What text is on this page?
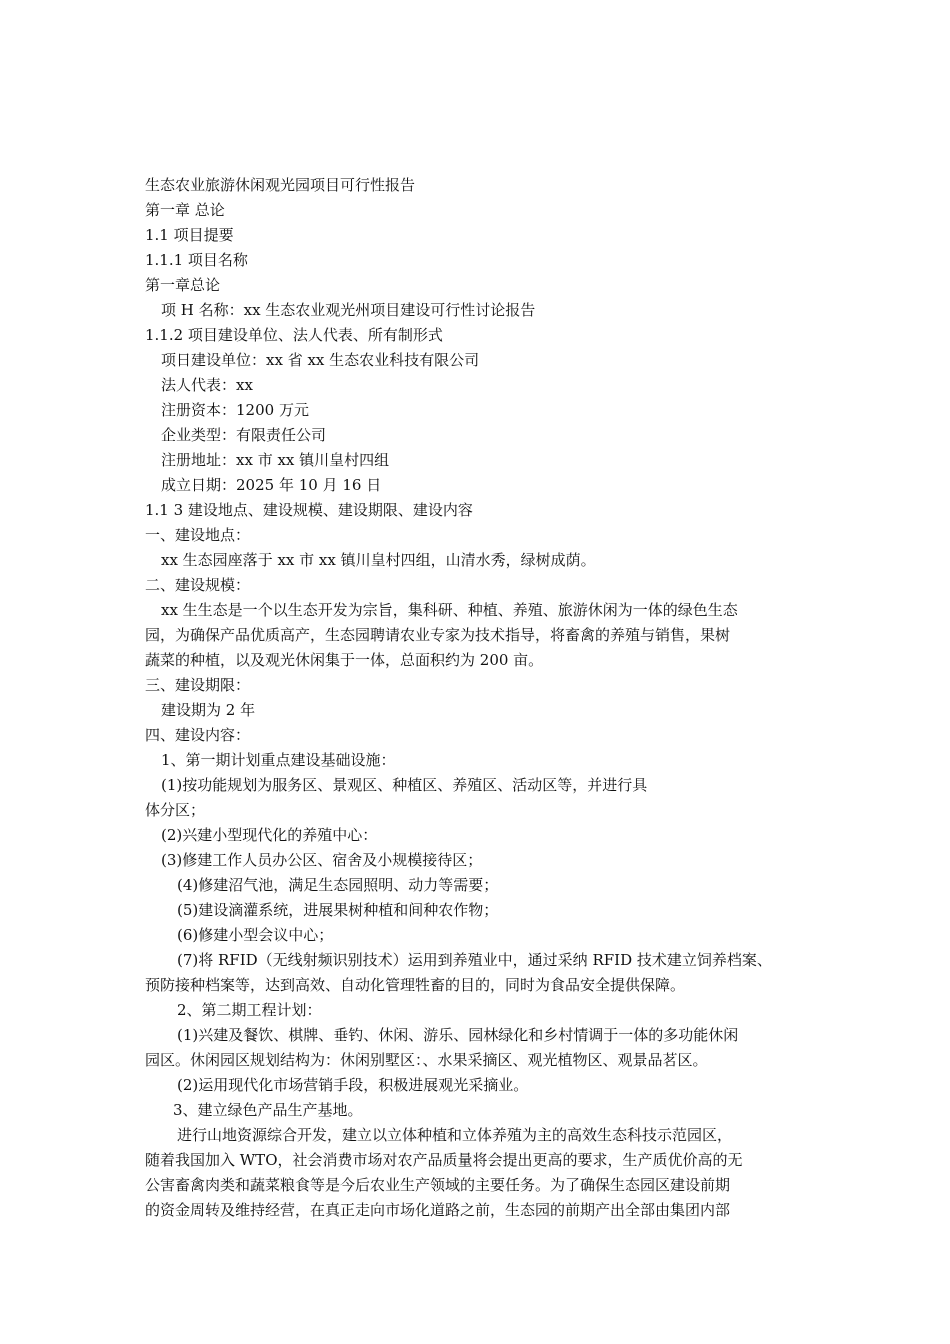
生态农业旅游休闲观光园项目可行性报告
第一章 总论
1.1 项目提要
1.1.1 项目名称
第一章总论
项 H 名称：xx 生态农业观光州项目建设可行性讨论报告
1.1.2 项目建设单位、法人代表、所有制形式
项日建设单位：xx 省 xx 生态农业科技有限公司
法人代表：xx
注册资本：1200 万元
企业类型：有限责任公司
注册地址：xx 市 xx 镇川皇村四组
成立日期：2025 年 10 月 16 日
1.1 3 建设地点、建设规模、建设期限、建设内容
一、建设地点：
xx 生态园座落于 xx 市 xx 镇川皇村四组，山清水秀，绿树成荫。
二、建设规模：
xx 生生态是一个以生态开发为宗旨，集科研、种植、养殖、旅游休闲为一体的绿色生态
园，为确保产品优质高产，生态园聘请农业专家为技术指导，将畜禽的养殖与销售，果树
蔬菜的种植，以及观光休闲集于一体，总面积约为 200 亩。
三、建设期限：
建设期为 2 年
四、建设内容：
1、第一期计划重点建设基础设施：
(1)按功能规划为服务区、景观区、种植区、养殖区、活动区等，并进行具
体分区；
(2)兴建小型现代化的养殖中心：
(3)修建工作人员办公区、宿舍及小规模接待区；
(4)修建沼气池，满足生态园照明、动力等需要；
(5)建设滴灌系统，进展果树种植和间种农作物；
(6)修建小型会议中心；
(7)将 RFID（无线射频识别技术）运用到养殖业中，通过采纳 RFID 技术建立饲养档案、
预防接种档案等，达到高效、自动化管理牲畜的目的，同时为食品安全提供保障。
2、第二期工程计划：
(1)兴建及餐饮、棋牌、垂钓、休闲、游乐、园林绿化和乡村情调于一体的多功能休闲
园区。休闲园区规划结构为：休闲别墅区：、水果采摘区、观光植物区、观景品茗区。
(2)运用现代化市场营销手段，积极进展观光采摘业。
3、建立绿色产品生产基地。
进行山地资源综合开发，建立以立体种植和立体养殖为主的高效生态科技示范园区，
随着我国加入 WTO，社会消费市场对农产品质量将会提出更高的要求，生产质优价高的无
公害畜禽肉类和蔬菜粮食等是今后农业生产领域的主要任务。为了确保生态园区建设前期
的资金周转及维持经营，在真正走向市场化道路之前，生态园的前期产出全部由集团内部
